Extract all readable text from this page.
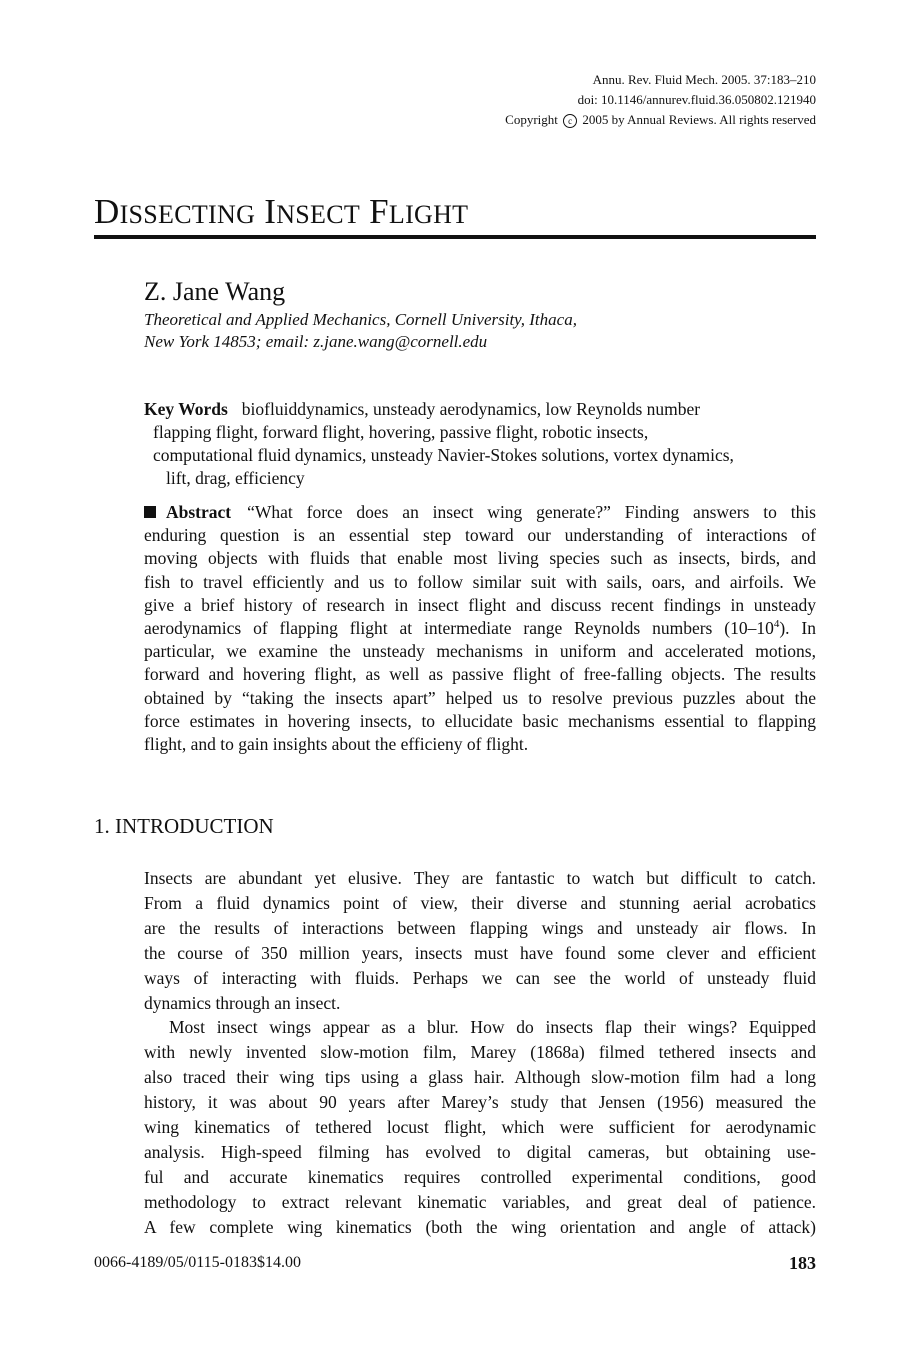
Annu. Rev. Fluid Mech. 2005. 37:183–210
doi: 10.1146/annurev.fluid.36.050802.121940
Copyright c 2005 by Annual Reviews. All rights reserved
DISSECTING INSECT FLIGHT
Z. Jane Wang
Theoretical and Applied Mechanics, Cornell University, Ithaca,
New York 14853; email: z.jane.wang@cornell.edu
Key Words biofluiddynamics, unsteady aerodynamics, low Reynolds number
flapping flight, forward flight, hovering, passive flight, robotic insects,
computational fluid dynamics, unsteady Navier-Stokes solutions, vortex dynamics,
lift, drag, efficiency
Abstract “What force does an insect wing generate?” Finding answers to this
enduring question is an essential step toward our understanding of interactions of
moving objects with fluids that enable most living species such as insects, birds, and
fish to travel efficiently and us to follow similar suit with sails, oars, and airfoils. We
give a brief history of research in insect flight and discuss recent findings in unsteady
aerodynamics of flapping flight at intermediate range Reynolds numbers $(10-10^4)$. In
particular, we examine the unsteady mechanisms in uniform and accelerated motions,
forward and hovering flight, as well as passive flight of free-falling objects. The results
obtained by “taking the insects apart” helped us to resolve previous puzzles about the
force estimates in hovering insects, to ellucidate basic mechanisms essential to flapping
flight, and to gain insights about the efficieny of flight.
1. INTRODUCTION
Insects are abundant yet elusive. They are fantastic to watch but difficult to catch.
From a fluid dynamics point of view, their diverse and stunning aerial acrobatics
are the results of interactions between flapping wings and unsteady air flows. In
the course of 350 million years, insects must have found some clever and efficient
ways of interacting with fluids. Perhaps we can see the world of unsteady fluid
dynamics through an insect.
Most insect wings appear as a blur. How do insects flap their wings? Equipped
with newly invented slow-motion film, Marey (1868a) filmed tethered insects and
also traced their wing tips using a glass hair. Although slow-motion film had a long
history, it was about 90 years after Marey’s study that Jensen (1956) measured the
wing kinematics of tethered locust flight, which were sufficient for aerodynamic
analysis. High-speed filming has evolved to digital cameras, but obtaining use-
ful and accurate kinematics requires controlled experimental conditions, good
methodology to extract relevant kinematic variables, and great deal of patience.
A few complete wing kinematics (both the wing orientation and angle of attack)
0066-4189/05/0115-0183$14.00	183
